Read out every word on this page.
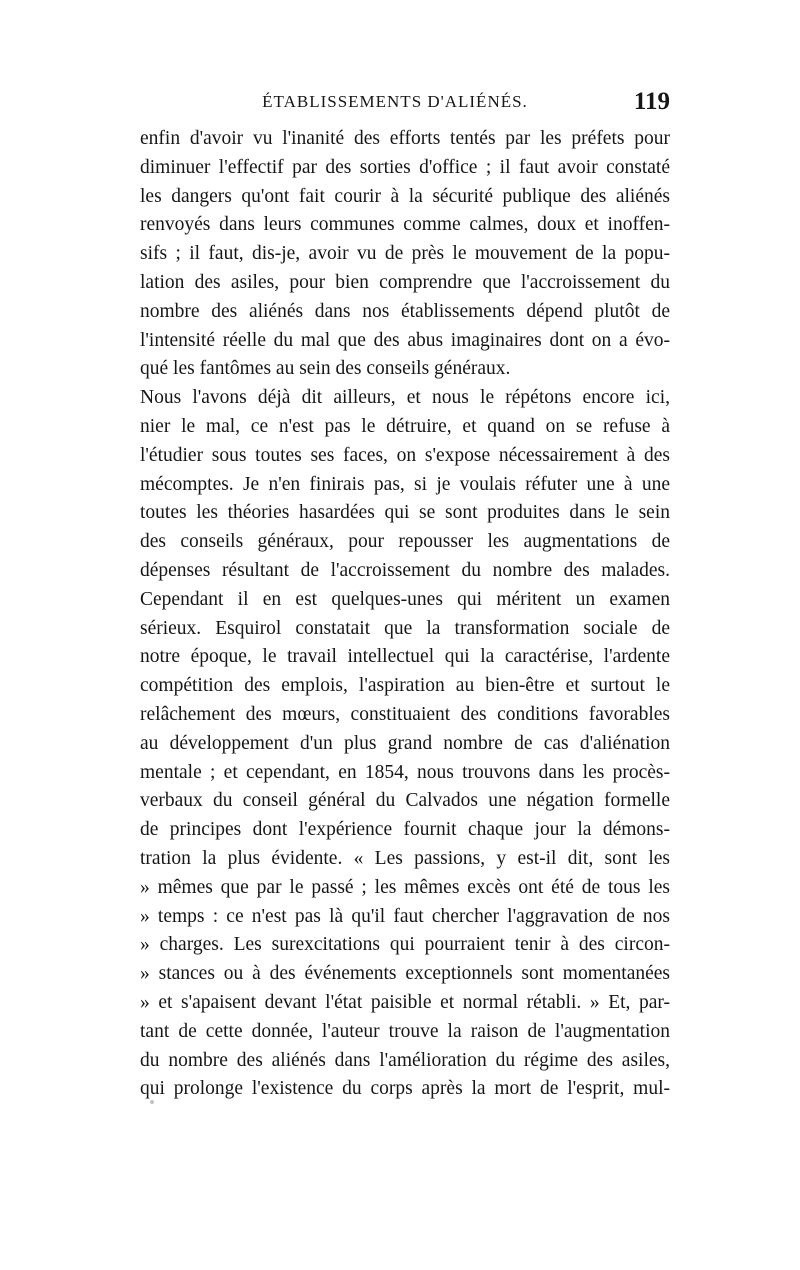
ÉTABLISSEMENTS D'ALIÉNÉS.	119
enfin d'avoir vu l'inanité des efforts tentés par les préfets pour
diminuer l'effectif par des sorties d'office ; il faut avoir constaté
les dangers qu'ont fait courir à la sécurité publique des aliénés
renvoyés dans leurs communes comme calmes, doux et inoffen-
sifs ; il faut, dis-je, avoir vu de près le mouvement de la popu-
lation des asiles, pour bien comprendre que l'accroissement du
nombre des aliénés dans nos établissements dépend plutôt de
l'intensité réelle du mal que des abus imaginaires dont on a évo-
qué les fantômes au sein des conseils généraux.
Nous l'avons déjà dit ailleurs, et nous le répétons encore ici,
nier le mal, ce n'est pas le détruire, et quand on se refuse à
l'étudier sous toutes ses faces, on s'expose nécessairement à des
mécomptes. Je n'en finirais pas, si je voulais réfuter une à une
toutes les théories hasardées qui se sont produites dans le sein
des conseils généraux, pour repousser les augmentations de
dépenses résultant de l'accroissement du nombre des malades.
Cependant il en est quelques-unes qui méritent un examen
sérieux. Esquirol constatait que la transformation sociale de
notre époque, le travail intellectuel qui la caractérise, l'ardente
compétition des emplois, l'aspiration au bien-être et surtout le
relâchement des mœurs, constituaient des conditions favorables
au développement d'un plus grand nombre de cas d'aliénation
mentale ; et cependant, en 1854, nous trouvons dans les procès-
verbaux du conseil général du Calvados une négation formelle
de principes dont l'expérience fournit chaque jour la démons-
tration la plus évidente. « Les passions, y est-il dit, sont les
» mêmes que par le passé ; les mêmes excès ont été de tous les
» temps : ce n'est pas là qu'il faut chercher l'aggravation de nos
» charges. Les surexcitations qui pourraient tenir à des circon-
» stances ou à des événements exceptionnels sont momentanées
» et s'apaisent devant l'état paisible et normal rétabli. » Et, par-
tant de cette donnée, l'auteur trouve la raison de l'augmentation
du nombre des aliénés dans l'amélioration du régime des asiles,
qui prolonge l'existence du corps après la mort de l'esprit, mul-
